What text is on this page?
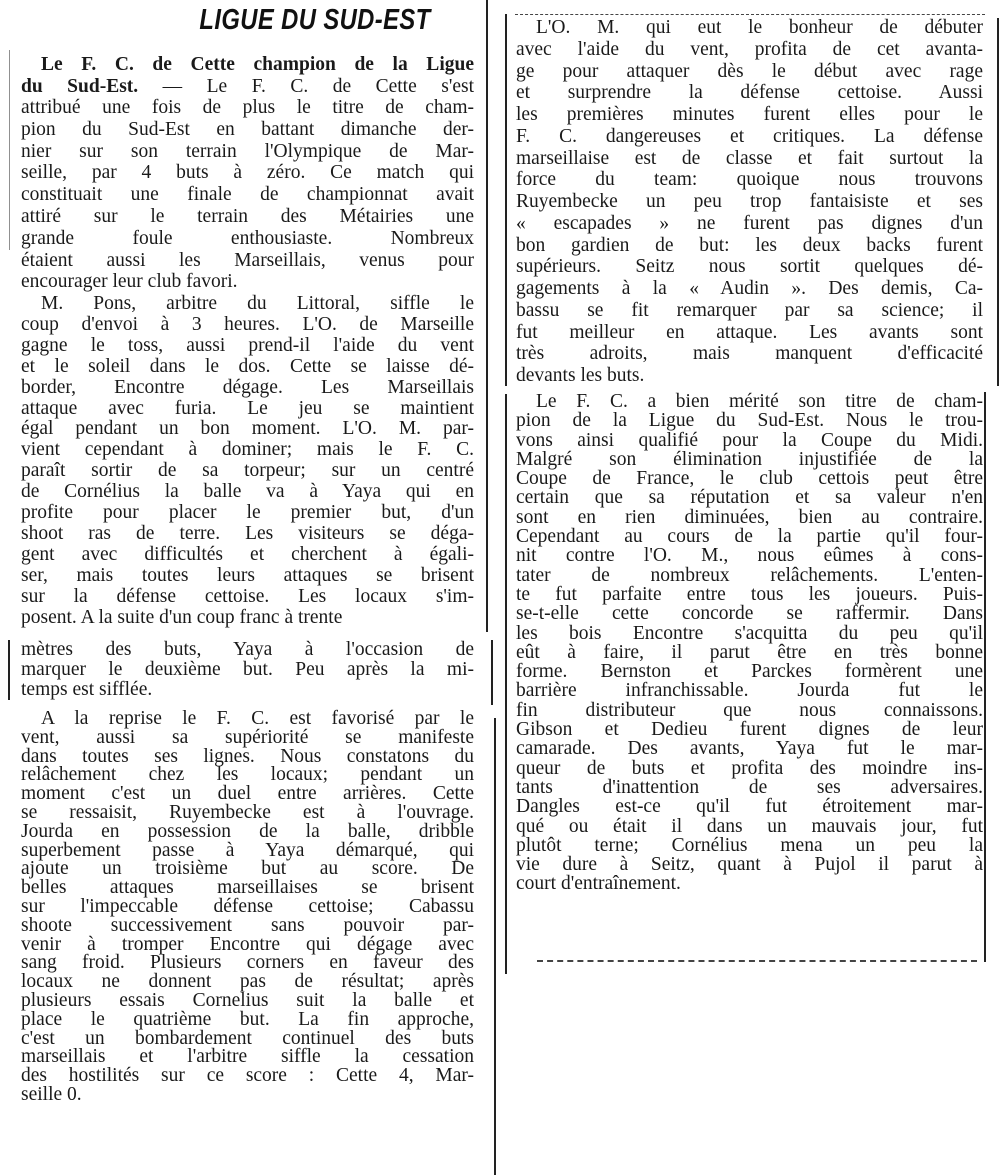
LIGUE DU SUD-EST
Le F. C. de Cette champion de la Ligue
du Sud-Est. — Le F. C. de Cette s'est
attribué une fois de plus le titre de cham-
pion du Sud-Est en battant dimanche der-
nier sur son terrain l'Olympique de Mar-
seille, par 4 buts à zéro. Ce match qui
constituait une finale de championnat avait
attiré sur le terrain des Métairies une
grande foule enthousiaste. Nombreux
étaient aussi les Marseillais, venus pour
encourager leur club favori.
M. Pons, arbitre du Littoral, siffle le
coup d'envoi à 3 heures. L'O. de Marseille
gagne le toss, aussi prend-il l'aide du vent
et le soleil dans le dos. Cette se laisse dé-
border, Encontre dégage. Les Marseillais
attaque avec furia. Le jeu se maintient
égal pendant un bon moment. L'O. M. par-
vient cependant à dominer; mais le F. C.
paraît sortir de sa torpeur; sur un centré
de Cornélius la balle va à Yaya qui en
profite pour placer le premier but, d'un
shoot ras de terre. Les visiteurs se déga-
gent avec difficultés et cherchent à égali-
ser, mais toutes leurs attaques se brisent
sur la défense cettoise. Les locaux s'im-
posent. A la suite d'un coup franc à trente
mètres des buts, Yaya à l'occasion de
marquer le deuxième but. Peu après la mi-
temps est sifflée.
A la reprise le F. C. est favorisé par le
vent, aussi sa supériorité se manifeste
dans toutes ses lignes. Nous constatons du
relâchement chez les locaux; pendant un
moment c'est un duel entre arrières. Cette
se ressaisit, Ruyembecke est à l'ouvrage.
Jourda en possession de la balle, dribble
superbement passe à Yaya démarqué, qui
ajoute un troisième but au score. De
belles attaques marseillaises se brisent
sur l'impeccable défense cettoise; Cabassu
shoote successivement sans pouvoir par-
venir à tromper Encontre qui dégage avec
sang froid. Plusieurs corners en faveur des
locaux ne donnent pas de résultat; après
plusieurs essais Cornelius suit la balle et
place le quatrième but. La fin approche,
c'est un bombardement continuel des buts
marseillais et l'arbitre siffle la cessation
des hostilités sur ce score : Cette 4, Mar-
seille 0.
L'O. M. qui eut le bonheur de débuter
avec l'aide du vent, profita de cet avanta-
ge pour attaquer dès le début avec rage
et surprendre la défense cettoise. Aussi
les premières minutes furent elles pour le
F. C. dangereuses et critiques. La défense
marseillaise est de classe et fait surtout la
force du team: quoique nous trouvons
Ruyembecke un peu trop fantaisiste et ses
« escapades » ne furent pas dignes d'un
bon gardien de but: les deux backs furent
supérieurs. Seitz nous sortit quelques dé-
gagements à la « Audin ». Des demis, Ca-
bassu se fit remarquer par sa science; il
fut meilleur en attaque. Les avants sont
très adroits, mais manquent d'efficacité
devants les buts.
Le F. C. a bien mérité son titre de cham-
pion de la Ligue du Sud-Est. Nous le trou-
vons ainsi qualifié pour la Coupe du Midi.
Malgré son élimination injustifiée de la
Coupe de France, le club cettois peut être
certain que sa réputation et sa valeur n'en
sont en rien diminuées, bien au contraire.
Cependant au cours de la partie qu'il four-
nit contre l'O. M., nous eûmes à cons-
tater de nombreux relâchements. L'enten-
te fut parfaite entre tous les joueurs. Puis-
se-t-elle cette concorde se raffermir. Dans
les bois Encontre s'acquitta du peu qu'il
eût à faire, il parut être en très bonne
forme. Bernston et Parckes formèrent une
barrière infranchissable. Jourda fut le
fin distributeur que nous connaissons.
Gibson et Dedieu furent dignes de leur
camarade. Des avants, Yaya fut le mar-
queur de buts et profita des moindre ins-
tants d'inattention de ses adversaires.
Dangles est-ce qu'il fut étroitement mar-
qué ou était il dans un mauvais jour, fut
plutôt terne; Cornélius mena un peu la
vie dure à Seitz, quant à Pujol il parut à
court d'entraînement.
